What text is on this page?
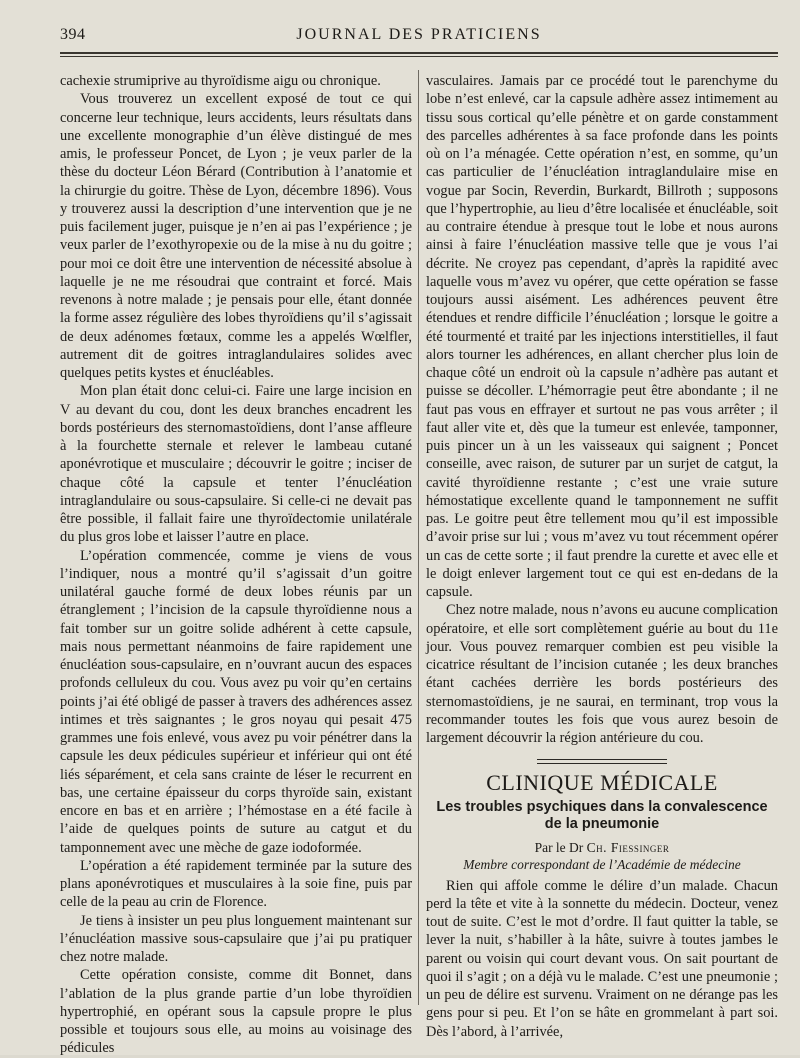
394	JOURNAL DES PRATICIENS

cachexie strumiprive au thyroïdisme aigu ou chronique.

Vous trouverez un excellent exposé de tout ce qui concerne leur technique, leurs accidents, leurs résultats dans une excellente monographie d’un élève distingué de mes amis, le professeur Poncet, de Lyon ; je veux parler de la thèse du docteur Léon Bérard (Contribution à l’anatomie et la chirurgie du goitre. Thèse de Lyon, décembre 1896). Vous y trouverez aussi la description d’une intervention que je ne puis facilement juger, puisque je n’en ai pas l’expérience ; je veux parler de l’exothyropexie ou de la mise à nu du goitre ; pour moi ce doit être une intervention de nécessité absolue à laquelle je ne me résoudrai que contraint et forcé. Mais revenons à notre malade ; je pensais pour elle, étant donnée la forme assez régulière des lobes thyroïdiens qu’il s’agissait de deux adénomes fœtaux, comme les a appelés Wœlfler, autrement dit de goitres intraglandulaires solides avec quelques petits kystes et énucléables.

Mon plan était donc celui-ci. Faire une large incision en V au devant du cou, dont les deux branches encadrent les bords postérieurs des sternomastoïdiens, dont l’anse affleure à la fourchette sternale et relever le lambeau cutané aponévrotique et musculaire ; découvrir le goitre ; inciser de chaque côté la capsule et tenter l’énucléation intraglandulaire ou sous-capsulaire. Si celle-ci ne devait pas être possible, il fallait faire une thyroïdectomie unilatérale du plus gros lobe et laisser l’autre en place.

L’opération commencée, comme je viens de vous l’indiquer, nous a montré qu’il s’agissait d’un goitre unilatéral gauche formé de deux lobes réunis par un étranglement ; l’incision de la capsule thyroïdienne nous a fait tomber sur un goitre solide adhérent à cette capsule, mais nous permettant néanmoins de faire rapidement une énucléation sous-capsulaire, en n’ouvrant aucun des espaces profonds celluleux du cou. Vous avez pu voir qu’en certains points j’ai été obligé de passer à travers des adhérences assez intimes et très saignantes ; le gros noyau qui pesait 475 grammes une fois enlevé, vous avez pu voir pénétrer dans la capsule les deux pédicules supérieur et inférieur qui ont été liés séparément, et cela sans crainte de léser le recurrent en bas, une certaine épaisseur du corps thyroïde sain, existant encore en bas et en arrière ; l’hémostase en a été facile à l’aide de quelques points de suture au catgut et du tamponnement avec une mèche de gaze iodoformée.

L’opération a été rapidement terminée par la suture des plans aponévrotiques et musculaires à la soie fine, puis par celle de la peau au crin de Florence.

Je tiens à insister un peu plus longuement maintenant sur l’énucléation massive sous-capsulaire que j’ai pu pratiquer chez notre malade.

Cette opération consiste, comme dit Bonnet, dans l’ablation de la plus grande partie d’un lobe thyroïdien hypertrophié, en opérant sous la capsule propre le plus possible et toujours sous elle, au moins au voisinage des pédicules

vasculaires. Jamais par ce procédé tout le parenchyme du lobe n’est enlevé, car la capsule adhère assez intimement au tissu sous cortical qu’elle pénètre et on garde constamment des parcelles adhérentes à sa face profonde dans les points où on l’a ménagée. Cette opération n’est, en somme, qu’un cas particulier de l’énucléation intraglandulaire mise en vogue par Socin, Reverdin, Burkardt, Billroth ; supposons que l’hypertrophie, au lieu d’être localisée et énucléable, soit au contraire étendue à presque tout le lobe et nous aurons ainsi à faire l’énucléation massive telle que je vous l’ai décrite. Ne croyez pas cependant, d’après la rapidité avec laquelle vous m’avez vu opérer, que cette opération se fasse toujours aussi aisément. Les adhérences peuvent être étendues et rendre difficile l’énucléation ; lorsque le goitre a été tourmenté et traité par les injections interstitielles, il faut alors tourner les adhérences, en allant chercher plus loin de chaque côté un endroit où la capsule n’adhère pas autant et puisse se décoller. L’hémorragie peut être abondante ; il ne faut pas vous en effrayer et surtout ne pas vous arrêter ; il faut aller vite et, dès que la tumeur est enlevée, tamponner, puis pincer un à un les vaisseaux qui saignent ; Poncet conseille, avec raison, de suturer par un surjet de catgut, la cavité thyroïdienne restante ; c’est une vraie suture hémostatique excellente quand le tamponnement ne suffit pas. Le goitre peut être tellement mou qu’il est impossible d’avoir prise sur lui ; vous m’avez vu tout récemment opérer un cas de cette sorte ; il faut prendre la curette et avec elle et le doigt enlever largement tout ce qui est en-dedans de la capsule.

Chez notre malade, nous n’avons eu aucune complication opératoire, et elle sort complètement guérie au bout du 11e jour. Vous pouvez remarquer combien est peu visible la cicatrice résultant de l’incision cutanée ; les deux branches étant cachées derrière les bords postérieurs des sternomastoïdiens, je ne saurai, en terminant, trop vous la recommander toutes les fois que vous aurez besoin de largement découvrir la région antérieure du cou.

CLINIQUE MÉDICALE
Les troubles psychiques dans la convalescence de la pneumonie
Par le Dr Ch. Fiessinger
Membre correspondant de l’Académie de médecine

Rien qui affole comme le délire d’un malade. Chacun perd la tête et vite à la sonnette du médecin. Docteur, venez tout de suite. C’est le mot d’ordre. Il faut quitter la table, se lever la nuit, s’habiller à la hâte, suivre à toutes jambes le parent ou voisin qui court devant vous. On sait pourtant de quoi il s’agit ; on a déjà vu le malade. C’est une pneumonie ; un peu de délire est survenu. Vraiment on ne dérange pas les gens pour si peu. Et l’on se hâte en grommelant à part soi. Dès l’abord, à l’arrivée,
